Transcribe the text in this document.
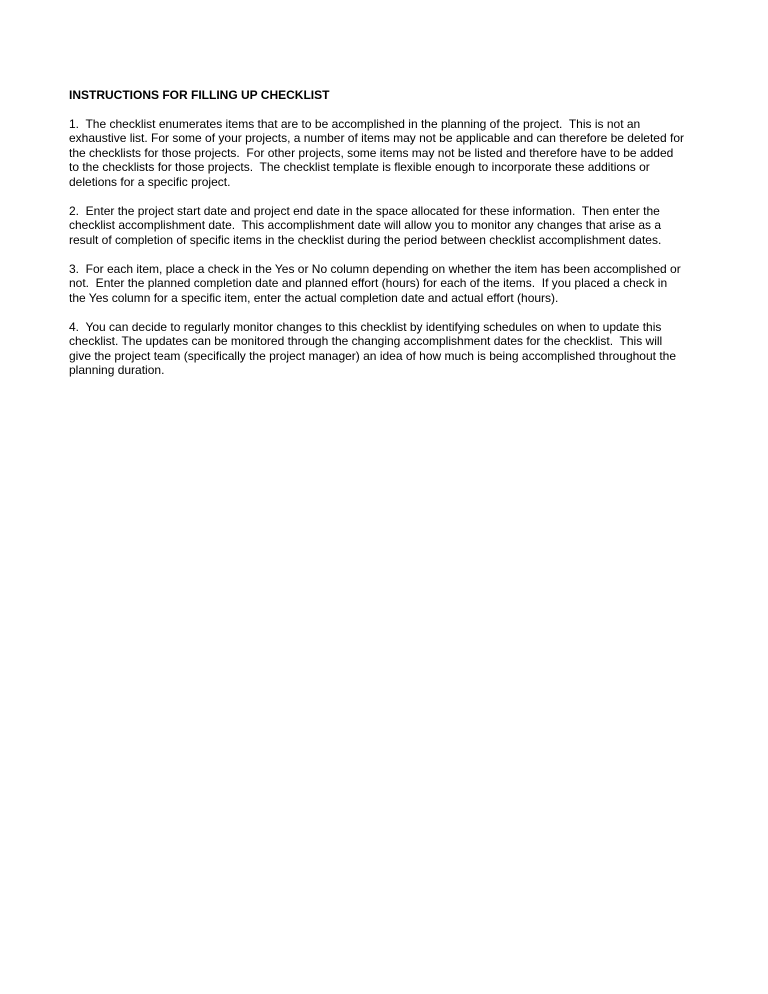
INSTRUCTIONS FOR FILLING UP CHECKLIST
1.  The checklist enumerates items that are to be accomplished in the planning of the project.  This is not an
exhaustive list. For some of your projects, a number of items may not be applicable and can therefore be deleted for
the checklists for those projects.  For other projects, some items may not be listed and therefore have to be added
to the checklists for those projects.  The checklist template is flexible enough to incorporate these additions or
deletions for a specific project.
2.  Enter the project start date and project end date in the space allocated for these information.  Then enter the
checklist accomplishment date.  This accomplishment date will allow you to monitor any changes that arise as a
result of completion of specific items in the checklist during the period between checklist accomplishment dates.
3.  For each item, place a check in the Yes or No column depending on whether the item has been accomplished or
not.  Enter the planned completion date and planned effort (hours) for each of the items.  If you placed a check in
the Yes column for a specific item, enter the actual completion date and actual effort (hours).
4.  You can decide to regularly monitor changes to this checklist by identifying schedules on when to update this
checklist. The updates can be monitored through the changing accomplishment dates for the checklist.  This will
give the project team (specifically the project manager) an idea of how much is being accomplished throughout the
planning duration.
